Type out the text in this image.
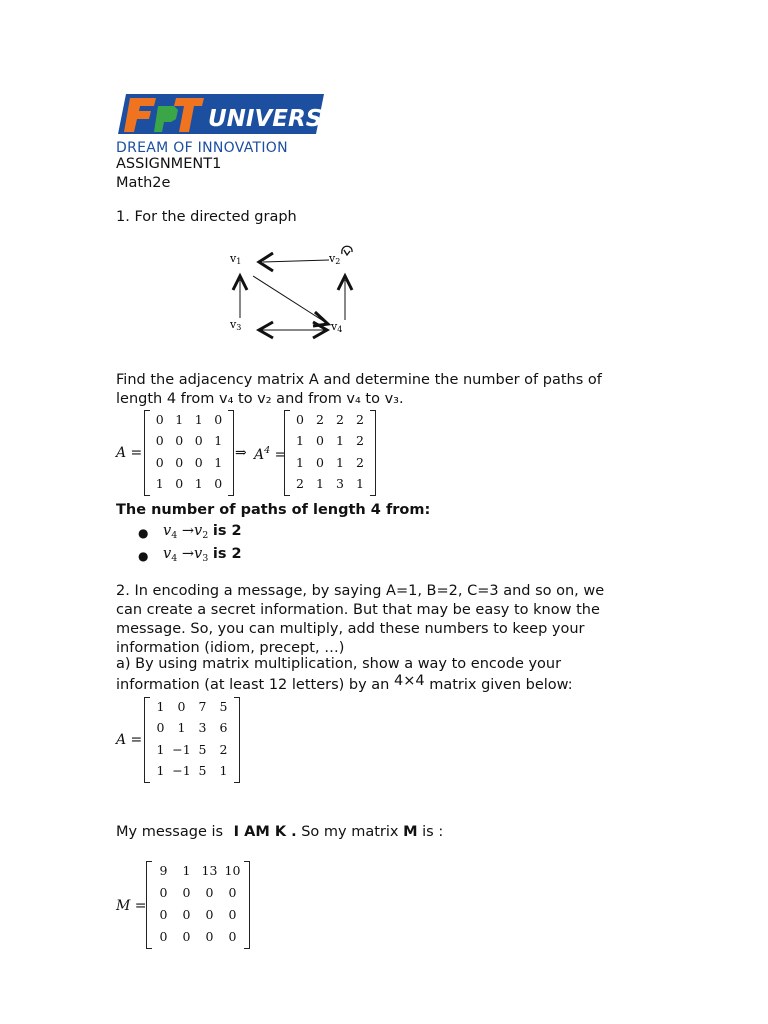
UNIVERSITY
DREAM OF INNOVATION
ASSIGNMENT1
Math2e
1. For the directed graph
v1	v2
v3	v4
Find the adjacency matrix A and determine the number of paths of
length 4 from v₄ to v₂ and from v₄ to v₃.
A =
0 1 1 0
0 0 0 1
0 0 0 1
1 0 1 0
⇒ $A^4$ =
0 2 2 2
1 0 1 2
1 0 1 2
2 1 3 1
The number of paths of length 4 from:
● $v_4 \to v_2$ is 2
● $v_4 \to v_3$ is 2
2. In encoding a message, by saying A=1, B=2, C=3 and so on, we
can create a secret information. But that may be easy to know the
message. So, you can multiply, add these numbers to keep your
information (idiom, precept, …)
a) By using matrix multiplication, show a way to encode your
information (at least 12 letters) by an 4×4 matrix given below:
A =
1	0	7	5
0	1	3	6
1 −1 5	2
1 −1 5	1
My message is I AM K . So my matrix M is :
M =
9	1 13 10
0	0	0	0
0	0	0	0
0	0	0	0
